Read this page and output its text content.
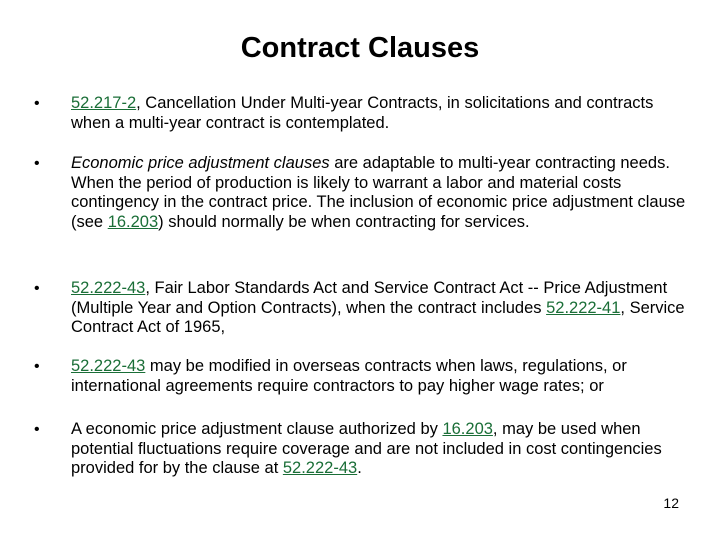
Contract Clauses
• 52.217-2, Cancellation Under Multi-year Contracts, in solicitations and contracts when a multi-year contract is contemplated.
• Economic price adjustment clauses are adaptable to multi-year contracting needs. When the period of production is likely to warrant a labor and material costs contingency in the contract price. The inclusion of economic price adjustment clause (see 16.203) should normally be when contracting for services.
• 52.222-43, Fair Labor Standards Act and Service Contract Act -- Price Adjustment (Multiple Year and Option Contracts), when the contract includes 52.222-41, Service Contract Act of 1965,
• 52.222-43 may be modified in overseas contracts when laws, regulations, or international agreements require contractors to pay higher wage rates; or
• A economic price adjustment clause authorized by 16.203, may be used when potential fluctuations require coverage and are not included in cost contingencies provided for by the clause at 52.222-43.
12
